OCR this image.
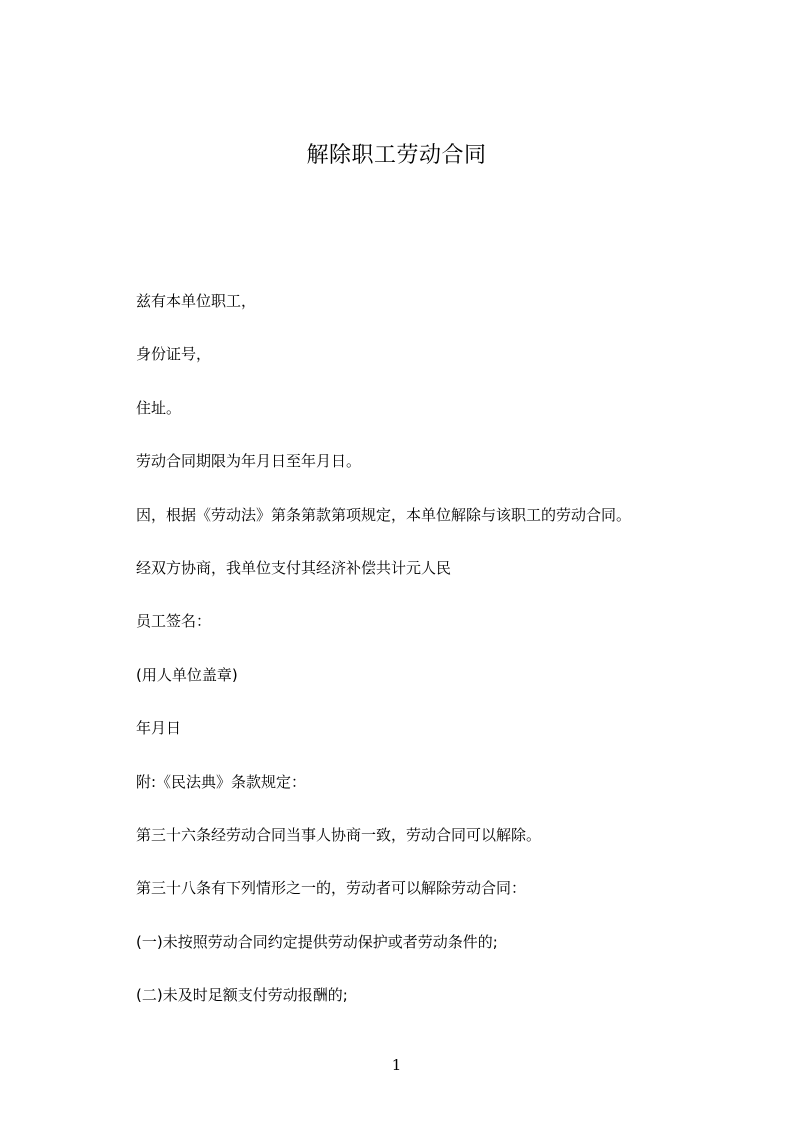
解除职工劳动合同
兹有本单位职工，
身份证号，
住址。
劳动合同期限为年月日至年月日。
因，根据《劳动法》第条第款第项规定，本单位解除与该职工的劳动合同。
经双方协商，我单位支付其经济补偿共计元人民
员工签名：
(用人单位盖章)
年月日
附:《民法典》条款规定：
第三十六条经劳动合同当事人协商一致，劳动合同可以解除。
第三十八条有下列情形之一的，劳动者可以解除劳动合同：
(一)未按照劳动合同约定提供劳动保护或者劳动条件的;
(二)未及时足额支付劳动报酬的;
1
